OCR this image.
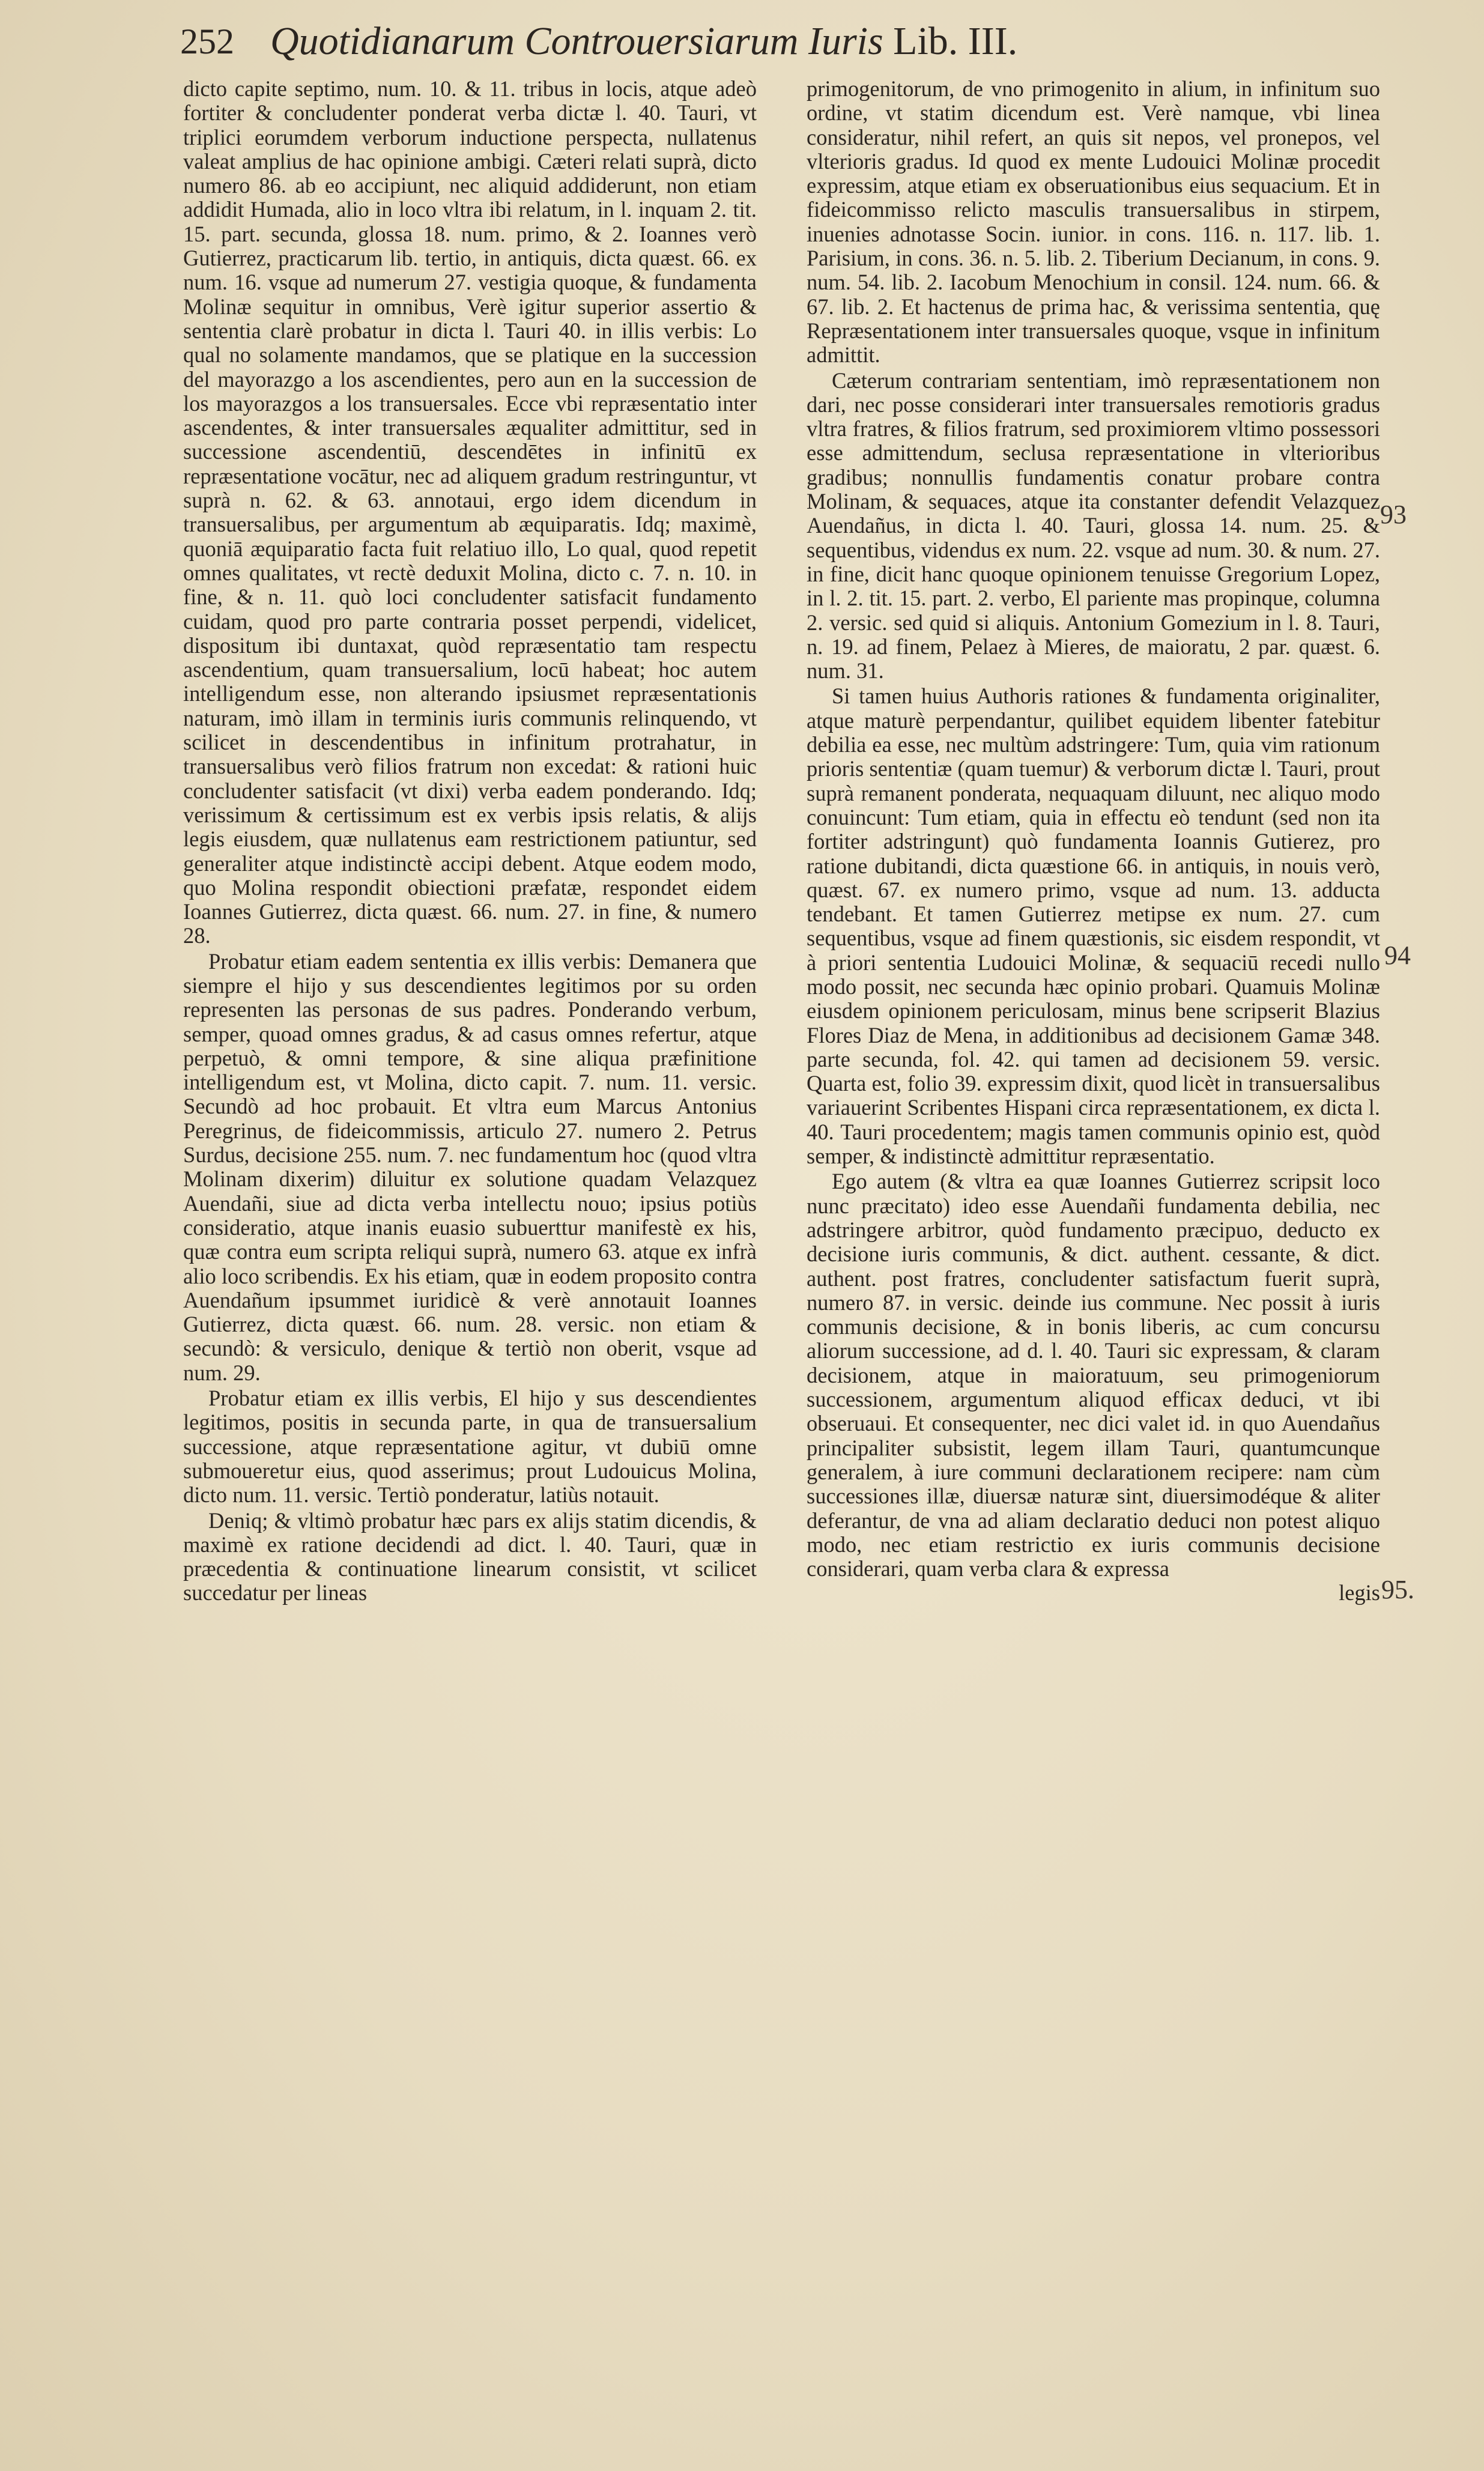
252 Quotidianarum Controuersiarum Iuris Lib. III.

dicto capite septimo, num. 10. & 11. tribus in locis, atque adeò fortiter & concludenter ponderat verba dictæ l. 40. Tauri, vt triplici eorumdem verborum inductione perspecta, nullatenus valeat amplius de hac opinione ambigi. Cæteri relati suprà, dicto numero 86. ab eo accipiunt, nec aliquid addiderunt, non etiam addidit Humada, alio in loco vltra ibi relatum, in l. inquam 2. tit. 15. part. secunda, glossa 18. num. primo, & 2. Ioannes verò Gutierrez, practicarum lib. tertio, in antiquis, dicta quæst. 66. ex num. 16. vsque ad numerum 27. vestigia quoque, & fundamenta Molinæ sequitur in omnibus, Verè igitur superior assertio & sententia clarè probatur in dicta l. Tauri 40. in illis verbis: Lo qual no solamente mandamos, que se platique en la succession del mayorazgo a los ascendientes, pero aun en la succession de los mayorazgos a los transuersales. Ecce vbi repræsentatio inter ascendentes, & inter transuersales æqualiter admittitur, sed in successione ascendentiū, descendētes in infinitū ex repræsentatione vocātur, nec ad aliquem gradum restringuntur, vt suprà n. 62. & 63. annotaui, ergo idem dicendum in transuersalibus, per argumentum ab æquiparatis. Idq; maximè, quoniā æquiparatio facta fuit relatiuo illo, Lo qual, quod repetit omnes qualitates, vt rectè deduxit Molina, dicto c. 7. n. 10. in fine, & n. 11. quò loci concludenter satisfacit fundamento cuidam, quod pro parte contraria posset perpendi, videlicet, dispositum ibi duntaxat, quòd repræsentatio tam respectu ascendentium, quam transuersalium, locū habeat; hoc autem intelligendum esse, non alterando ipsiusmet repræsentationis naturam, imò illam in terminis iuris communis relinquendo, vt scilicet in descendentibus in infinitum protrahatur, in transuersalibus verò filios fratrum non excedat: & rationi huic concludenter satisfacit (vt dixi) verba eadem ponderando. Idq; verissimum & certissimum est ex verbis ipsis relatis, & alijs legis eiusdem, quæ nullatenus eam restrictionem patiuntur, sed generaliter atque indistinctè accipi debent. Atque eodem modo, quo Molina respondit obiectioni præfatæ, respondet eidem Ioannes Gutierrez, dicta quæst. 66. num. 27. in fine, & numero 28.

Probatur etiam eadem sententia ex illis verbis: Demanera que siempre el hijo y sus descendientes legitimos por su orden representen las personas de sus padres. Ponderando verbum, semper, quoad omnes gradus, & ad casus omnes refertur, atque perpetuò, & omni tempore, & sine aliqua præfinitione intelligendum est, vt Molina, dicto capit. 7. num. 11. versic. Secundò ad hoc probauit. Et vltra eum Marcus Antonius Peregrinus, de fideicommissis, articulo 27. numero 2. Petrus Surdus, decisione 255. num. 7. nec fundamentum hoc (quod vltra Molinam dixerim) diluitur ex solutione quadam Velazquez Auendañi, siue ad dicta verba intellectu nouo; ipsius potiùs consideratio, atque inanis euasio subuerttur manifestè ex his, quæ contra eum scripta reliqui suprà, numero 63. atque ex infrà alio loco scribendis. Ex his etiam, quæ in eodem proposito contra Auendañum ipsummet iuridicè & verè annotauit Ioannes Gutierrez, dicta quæst. 66. num. 28. versic. non etiam & secundò: & versiculo, denique & tertiò non oberit, vsque ad num. 29.

Probatur etiam ex illis verbis, El hijo y sus descendientes legitimos, positis in secunda parte, in qua de transuersalium successione, atque repræsentatione agitur, vt dubiū omne submoueretur eius, quod asserimus; prout Ludouicus Molina, dicto num. 11. versic. Tertiò ponderatur, latiùs notauit.

Deniq; & vltimò probatur hæc pars ex alijs statim dicendis, & maximè ex ratione decidendi ad dict. l. 40. Tauri, quæ in præcedentia & continuatione linearum consistit, vt scilicet succedatur per lineas

primogenitorum, de vno primogenito in alium, in infinitum suo ordine, vt statim dicendum est. Verè namque, vbi linea consideratur, nihil refert, an quis sit nepos, vel pronepos, vel vlterioris gradus. Id quod ex mente Ludouici Molinæ procedit expressim, atque etiam ex obseruationibus eius sequacium. Et in fideicommisso relicto masculis transuersalibus in stirpem, inuenies adnotasse Socin. iunior. in cons. 116. n. 117. lib. 1. Parisium, in cons. 36. n. 5. lib. 2. Tiberium Decianum, in cons. 9. num. 54. lib. 2. Iacobum Menochium in consil. 124. num. 66. & 67. lib. 2. Et hactenus de prima hac, & verissima sententia, quę Repræsentationem inter transuersales quoque, vsque in infinitum admittit.

Cæterum contrariam sententiam, imò repræsentationem non dari, nec posse considerari inter transuersales remotioris gradus vltra fratres, & filios fratrum, sed proximiorem vltimo possessori esse admittendum, seclusa repræsentatione in vlterioribus gradibus; nonnullis fundamentis conatur probare contra Molinam, & sequaces, atque ita constanter defendit Velazquez Auendañus, in dicta l. 40. Tauri, glossa 14. num. 25. & sequentibus, videndus ex num. 22. vsque ad num. 30. & num. 27. in fine, dicit hanc quoque opinionem tenuisse Gregorium Lopez, in l. 2. tit. 15. part. 2. verbo, El pariente mas propinque, columna 2. versic. sed quid si aliquis. Antonium Gomezium in l. 8. Tauri, n. 19. ad finem, Pelaez à Mieres, de maioratu, 2 par. quæst. 6. num. 31.

Si tamen huius Authoris rationes & fundamenta originaliter, atque maturè perpendantur, quilibet equidem libenter fatebitur debilia ea esse, nec multùm adstringere: Tum, quia vim rationum prioris sententiæ (quam tuemur) & verborum dictæ l. Tauri, prout suprà remanent ponderata, nequaquam diluunt, nec aliquo modo conuincunt: Tum etiam, quia in effectu eò tendunt (sed non ita fortiter adstringunt) quò fundamenta Ioannis Gutierez, pro ratione dubitandi, dicta quæstione 66. in antiquis, in nouis verò, quæst. 67. ex numero primo, vsque ad num. 13. adducta tendebant. Et tamen Gutierrez metipse ex num. 27. cum sequentibus, vsque ad finem quæstionis, sic eisdem respondit, vt à priori sententia Ludouici Molinæ, & sequaciū recedi nullo modo possit, nec secunda hæc opinio probari. Quamuis Molinæ eiusdem opinionem periculosam, minus bene scripserit Blazius Flores Diaz de Mena, in additionibus ad decisionem Gamæ 348. parte secunda, fol. 42. qui tamen ad decisionem 59. versic. Quarta est, folio 39. expressim dixit, quod licèt in transuersalibus variauerint Scribentes Hispani circa repræsentationem, ex dicta l. 40. Tauri procedentem; magis tamen communis opinio est, quòd semper, & indistinctè admittitur repræsentatio.

Ego autem (& vltra ea quæ Ioannes Gutierrez scripsit loco nunc præcitato) ideo esse Auendañi fundamenta debilia, nec adstringere arbitror, quòd fundamento præcipuo, deducto ex decisione iuris communis, & dict. authent. cessante, & dict. authent. post fratres, concludenter satisfactum fuerit suprà, numero 87. in versic. deinde ius commune. Nec possit à iuris communis decisione, & in bonis liberis, ac cum concursu aliorum successione, ad d. l. 40. Tauri sic expressam, & claram decisionem, atque in maioratuum, seu primogeniorum successionem, argumentum aliquod efficax deduci, vt ibi obseruaui. Et consequenter, nec dici valet id. in quo Auendañus principaliter subsistit, legem illam Tauri, quantumcunque generalem, à iure communi declarationem recipere: nam cùm successiones illæ, diuersæ naturæ sint, diuersimodéque & aliter deferantur, de vna ad aliam declaratio deduci non potest aliquo modo, nec etiam restrictio ex iuris communis decisione considerari, quam verba clara & expressa

legis
93
94
95.
